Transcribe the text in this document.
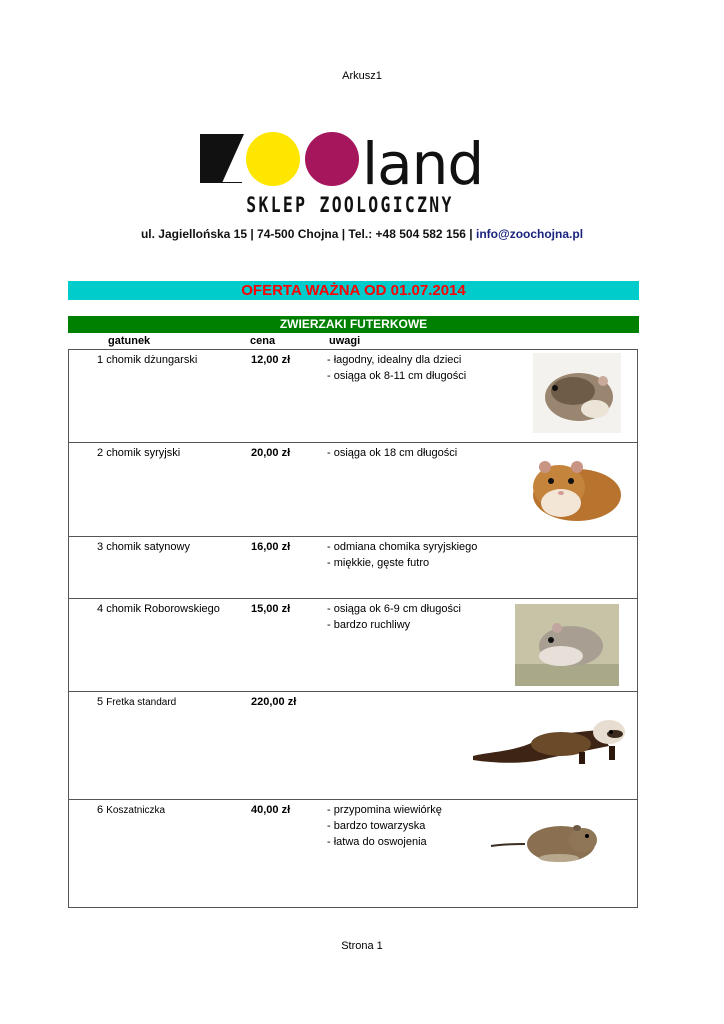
Arkusz1
land
SKLEP ZOOLOGICZNY
ul. Jagiellońska 15 | 74-500 Chojna | Tel.: +48 504 582 156 | info@zoochojna.pl
OFERTA WAŻNA OD 01.07.2014
ZWIERZAKI FUTERKOWE
gatunek	cena	uwagi
1 chomik dżungarski	12,00 zł	- łagodny, idealny dla dzieci
- osiąga ok 8-11 cm długości
2 chomik syryjski	20,00 zł	- osiąga ok 18 cm długości
3 chomik satynowy	16,00 zł	- odmiana chomika syryjskiego
- miękkie, gęste futro
4 chomik Roborowskiego	15,00 zł	- osiąga ok 6-9 cm długości
- bardzo ruchliwy
5 Fretka standard	220,00 zł
6 Koszatniczka	40,00 zł	- przypomina wiewiórkę
- bardzo towarzyska
- łatwa do oswojenia
Strona 1
